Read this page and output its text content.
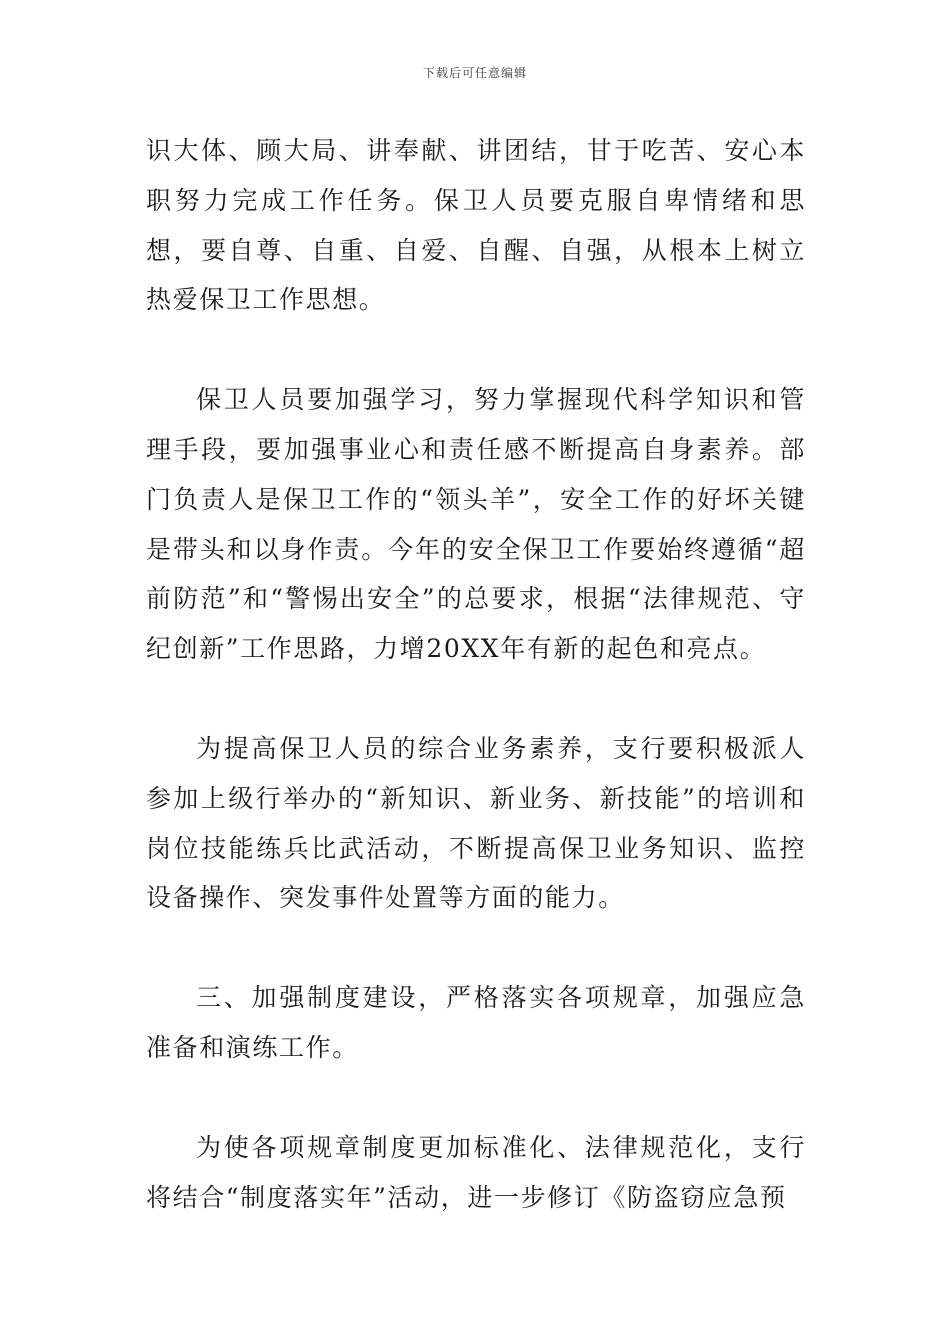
下载后可任意编辑

识大体、顾大局、讲奉献、讲团结，甘于吃苦、安心本职努力完成工作任务。保卫人员要克服自卑情绪和思想，要自尊、自重、自爱、自醒、自强，从根本上树立热爱保卫工作思想。

保卫人员要加强学习，努力掌握现代科学知识和管理手段，要加强事业心和责任感不断提高自身素养。部门负责人是保卫工作的“领头羊”，安全工作的好坏关键是带头和以身作责。今年的安全保卫工作要始终遵循“超前防范”和“警惕出安全”的总要求，根据“法律规范、守纪创新”工作思路，力增20XX年有新的起色和亮点。

为提高保卫人员的综合业务素养，支行要积极派人参加上级行举办的“新知识、新业务、新技能”的培训和岗位技能练兵比武活动，不断提高保卫业务知识、监控设备操作、突发事件处置等方面的能力。

三、加强制度建设，严格落实各项规章，加强应急准备和演练工作。

为使各项规章制度更加标准化、法律规范化，支行将结合“制度落实年”活动，进一步修订《防盗窃应急预
